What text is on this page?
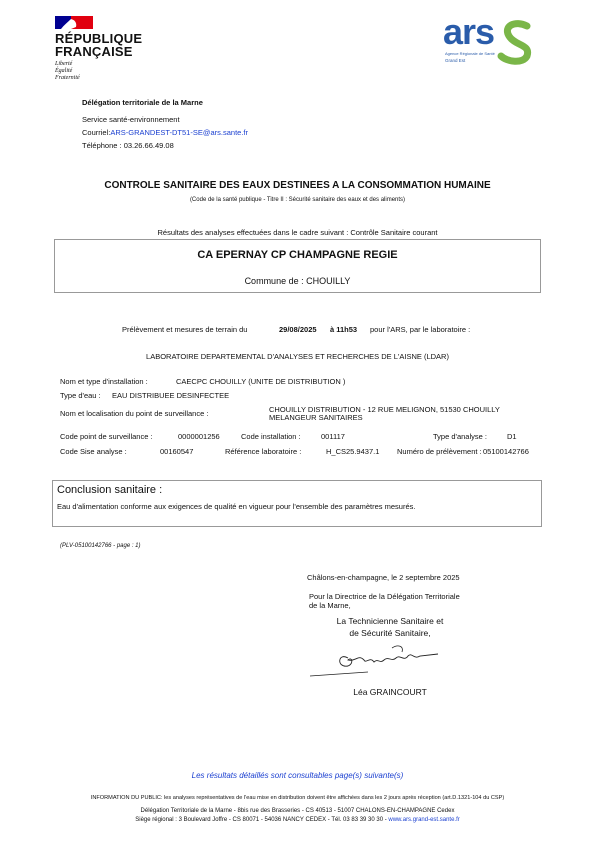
RÉPUBLIQUE
FRANÇAISE
Liberté
Égalité
Fraternité
ars
Agence Régionale de Santé
Grand Est
Délégation territoriale de la Marne
Service santé-environnement
Courriel:ARS-GRANDEST-DT51-SE@ars.sante.fr
Téléphone : 03.26.66.49.08
CONTROLE SANITAIRE DES EAUX DESTINEES A LA CONSOMMATION HUMAINE
(Code de la santé publique - Titre II : Sécurité sanitaire des eaux et des aliments)
Résultats des analyses effectuées dans le cadre suivant : Contrôle Sanitaire courant
CA EPERNAY CP CHAMPAGNE REGIE
Commune de : CHOUILLY
Prélèvement et mesures de terrain du	29/08/2025 à 11h53 pour l'ARS, par le laboratoire :
LABORATOIRE DEPARTEMENTAL D'ANALYSES ET RECHERCHES DE L'AISNE (LDAR)
Nom et type d'installation :	CAECPC CHOUILLY (UNITE DE DISTRIBUTION )
Type d'eau : EAU DISTRIBUEE DESINFECTEE
Nom et localisation du point de surveillance :	CHOUILLY DISTRIBUTION - 12 RUE MELIGNON, 51530 CHOUILLY
MELANGEUR SANITAIRES
Code point de surveillance :	0000001256	Code installation :	001117	Type d'analyse :	D1
Code Sise analyse :	00160547	Référence laboratoire :	H_CS25.9437.1 Numéro de prélèvement : 05100142766
Conclusion sanitaire :
Eau d'alimentation conforme aux exigences de qualité en vigueur pour l'ensemble des paramètres mesurés.
(PLV-05100142766 - page : 1)
Châlons-en-champagne, le 2 septembre 2025
Pour la Directrice de la Délégation Territoriale
de la Marne,
La Technicienne Sanitaire et
de Sécurité Sanitaire,
Léa GRAINCOURT
Les résultats détaillés sont consultables page(s) suivante(s)
INFORMATION DU PUBLIC: les analyses représentatives de l'eau mise en distribution doivent être affichées dans les 2 jours après réception (art.D.1321-104 du CSP)
Délégation Territoriale de la Marne - 8bis rue des Brasseries - CS 40513 - 51007 CHALONS-EN-CHAMPAGNE Cedex
Siège régional : 3 Boulevard Joffre - CS 80071 - 54036 NANCY CEDEX - Tél. 03 83 39 30 30 - www.ars.grand-est.sante.fr
